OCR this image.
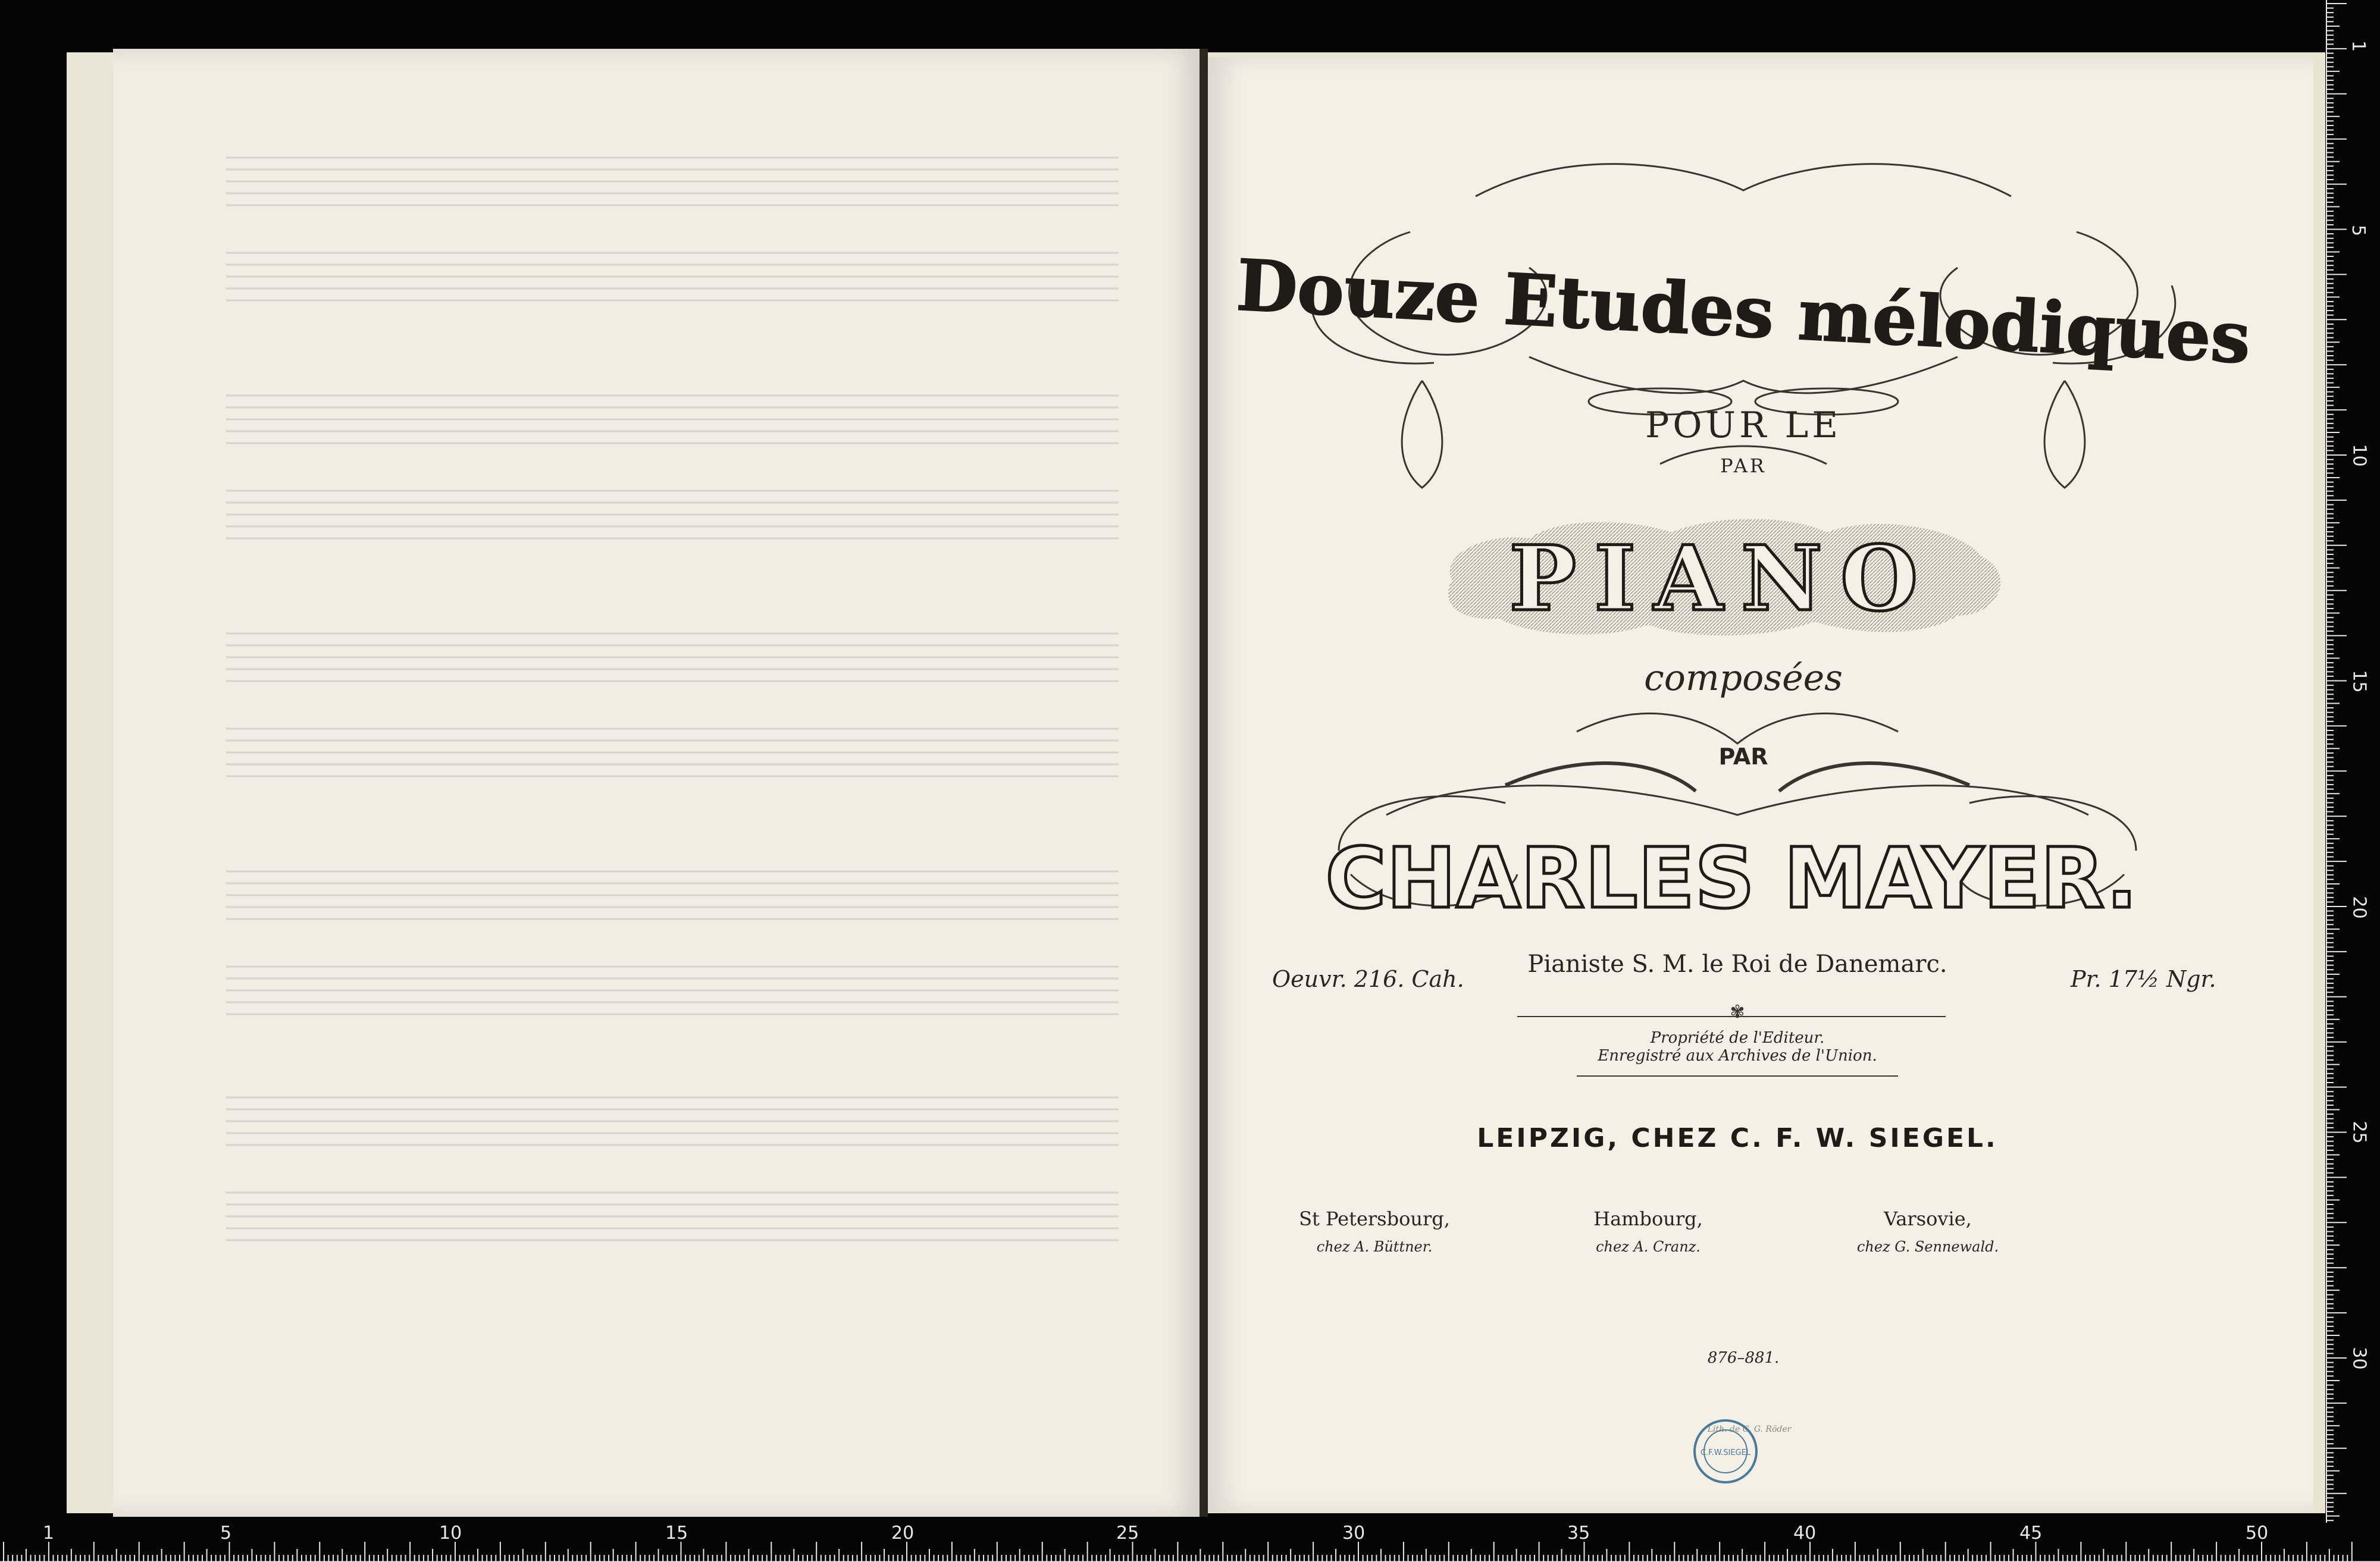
Douze Etudes mélodiques
POUR LE
PAR
PIANO
composées
PAR
CHARLES MAYER.
Pianiste S. M. le Roi de Danemarc.
Oeuvr. 216. Cah.	Pr. 17½ Ngr.
✾
Propriété de l'Editeur.
Enregistré aux Archives de l'Union.
LEIPZIG, CHEZ C. F. W. SIEGEL.
St Petersbourg,
chez A. Büttner.
Hambourg,
chez A. Cranz.
Varsovie,
chez G. Sennewald.
876–881.
Lith. de C. G. Röder
C.F.W.SIEGEL
1
5
10
15
20
25
30
1	5	10	15	20	25	30	35	40	45	50
